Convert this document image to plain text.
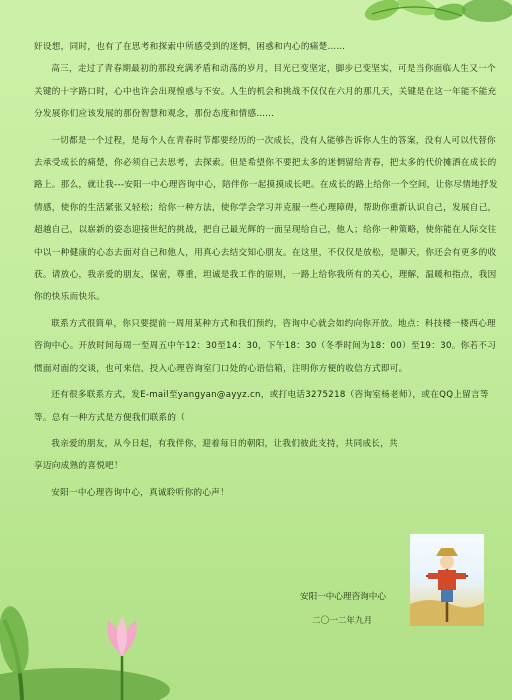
奸设想，同时，也有了在思考和探索中所感受到的迷惘，困惑和内心的痛楚……

高三，走过了青春期最初的那段充满矛盾和动荡的岁月，目光已变坚定，脚步已变坚实，可是当你面临人生又一个关键的十字路口时，心中也许会出现惶惑与不安。人生的机会和挑战不仅仅在六月的那几天，关键是在这一年能不能充分发展你们应该发展的那份智慧和观念，那份态度和情感……

一切都是一个过程，是每个人在青春时节都要经历的一次成长，没有人能够告诉你人生的答案，没有人可以代替你去承受成长的痛楚，你必须自己去思考，去探索。但是希望你不要把太多的迷惘留给青春，把太多的代价摊洒在成长的路上。那么，就让我---安阳一中心理咨询中心，陪伴你一起摸摸成长吧。在成长的路上给你一个空间，让你尽情地抒发情感，使你的生活紧张又轻松；给你一种方法，使你学会学习并克服一些心理障碍，帮助你重新认识自己，发展自己，超越自己，以崭新的姿态迎接世纪的挑战，把自己最光辉的一面呈现给自己，他人；给你一种策略，使你能在人际交往中以一种健康的心态去面对自己和他人，用真心去结交知心朋友。在这里，不仅仅是放松，是聊天，你还会有更多的收获。请放心，我亲爱的朋友，保密，尊重，坦诚是我工作的原则，一路上给你我所有的关心，理解，温暖和指点，我因你的快乐而快乐。

联系方式很简单，你只要提前一周用某种方式和我们预约，咨询中心就会如约向你开放。地点：科技楼一楼西心理咨询中心。开放时间每周一至周五中午12：30至14：30，下午18：30（冬季时间为18：00）至19：30。你若不习惯面对面的交谈，也可来信，投入心理咨询室门口处的心语信箱，注明你方便的收信方式即可。

还有很多联系方式，发E-mail至yangyan@ayyz.cn，或打电话3275218（咨询室杨老师），或在QQ上留言等等。总有一种方式是方便我们联系的（

我亲爱的朋友，从今日起，有我伴你，迎着每日的朝阳，让我们彼此支持，共同成长，共享迈向成熟的喜悦吧！

安阳一中心理咨询中心，真诚聆听你的心声！

安阳一中心理咨询中心
二〇一二年九月
